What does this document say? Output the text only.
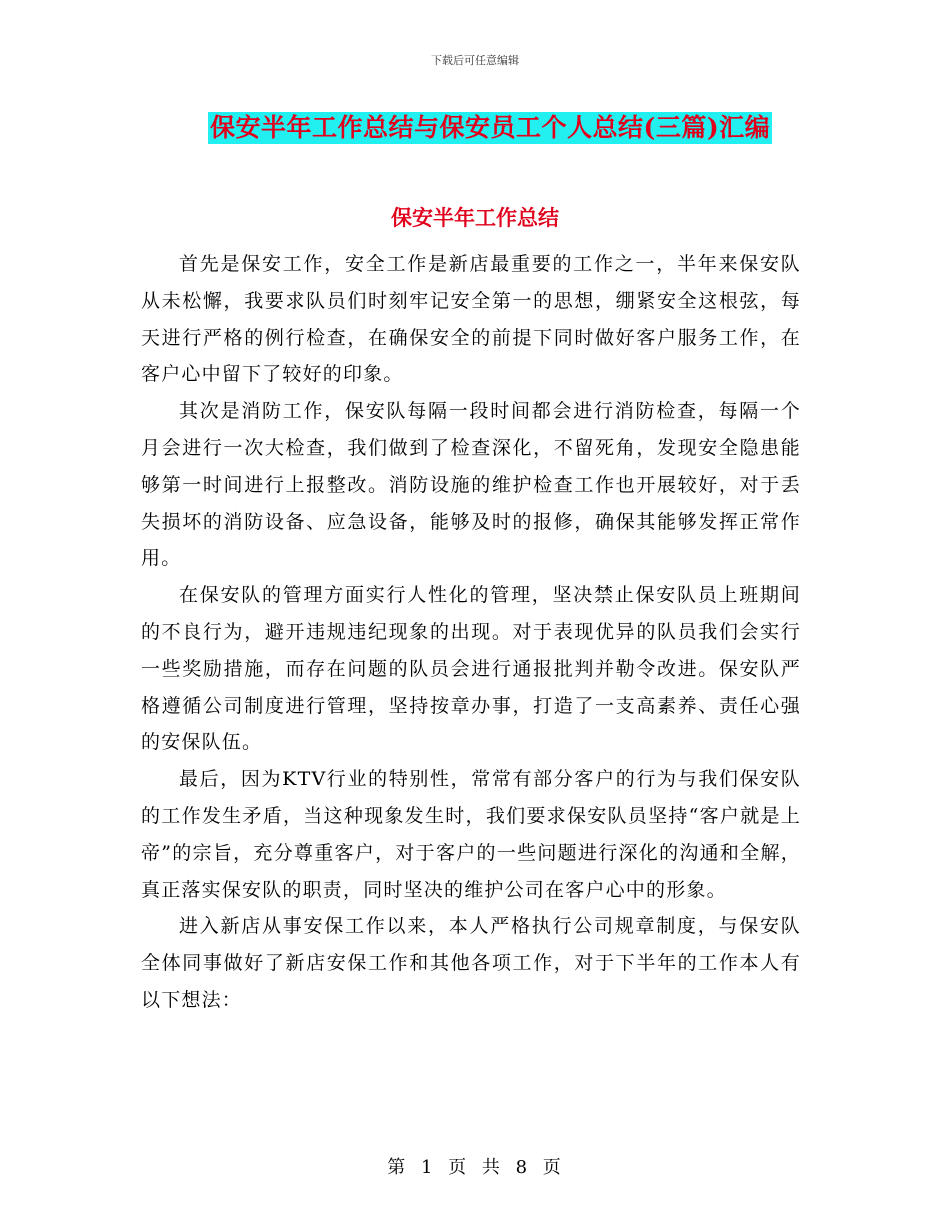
下载后可任意编辑
保安半年工作总结与保安员工个人总结(三篇)汇编
保安半年工作总结

首先是保安工作，安全工作是新店最重要的工作之一，半年来保安队从未松懈，我要求队员们时刻牢记安全第一的思想，绷紧安全这根弦，每天进行严格的例行检查，在确保安全的前提下同时做好客户服务工作，在客户心中留下了较好的印象。

其次是消防工作，保安队每隔一段时间都会进行消防检查，每隔一个月会进行一次大检查，我们做到了检查深化，不留死角，发现安全隐患能够第一时间进行上报整改。消防设施的维护检查工作也开展较好，对于丢失损坏的消防设备、应急设备，能够及时的报修，确保其能够发挥正常作用。

在保安队的管理方面实行人性化的管理，坚决禁止保安队员上班期间的不良行为，避开违规违纪现象的出现。对于表现优异的队员我们会实行一些奖励措施，而存在问题的队员会进行通报批判并勒令改进。保安队严格遵循公司制度进行管理，坚持按章办事，打造了一支高素养、责任心强的安保队伍。

最后，因为KTV行业的特别性，常常有部分客户的行为与我们保安队的工作发生矛盾，当这种现象发生时，我们要求保安队员坚持“客户就是上帝”的宗旨，充分尊重客户，对于客户的一些问题进行深化的沟通和全解，真正落实保安队的职责，同时坚决的维护公司在客户心中的形象。

进入新店从事安保工作以来，本人严格执行公司规章制度，与保安队全体同事做好了新店安保工作和其他各项工作，对于下半年的工作本人有以下想法：

第 1 页 共 8 页
